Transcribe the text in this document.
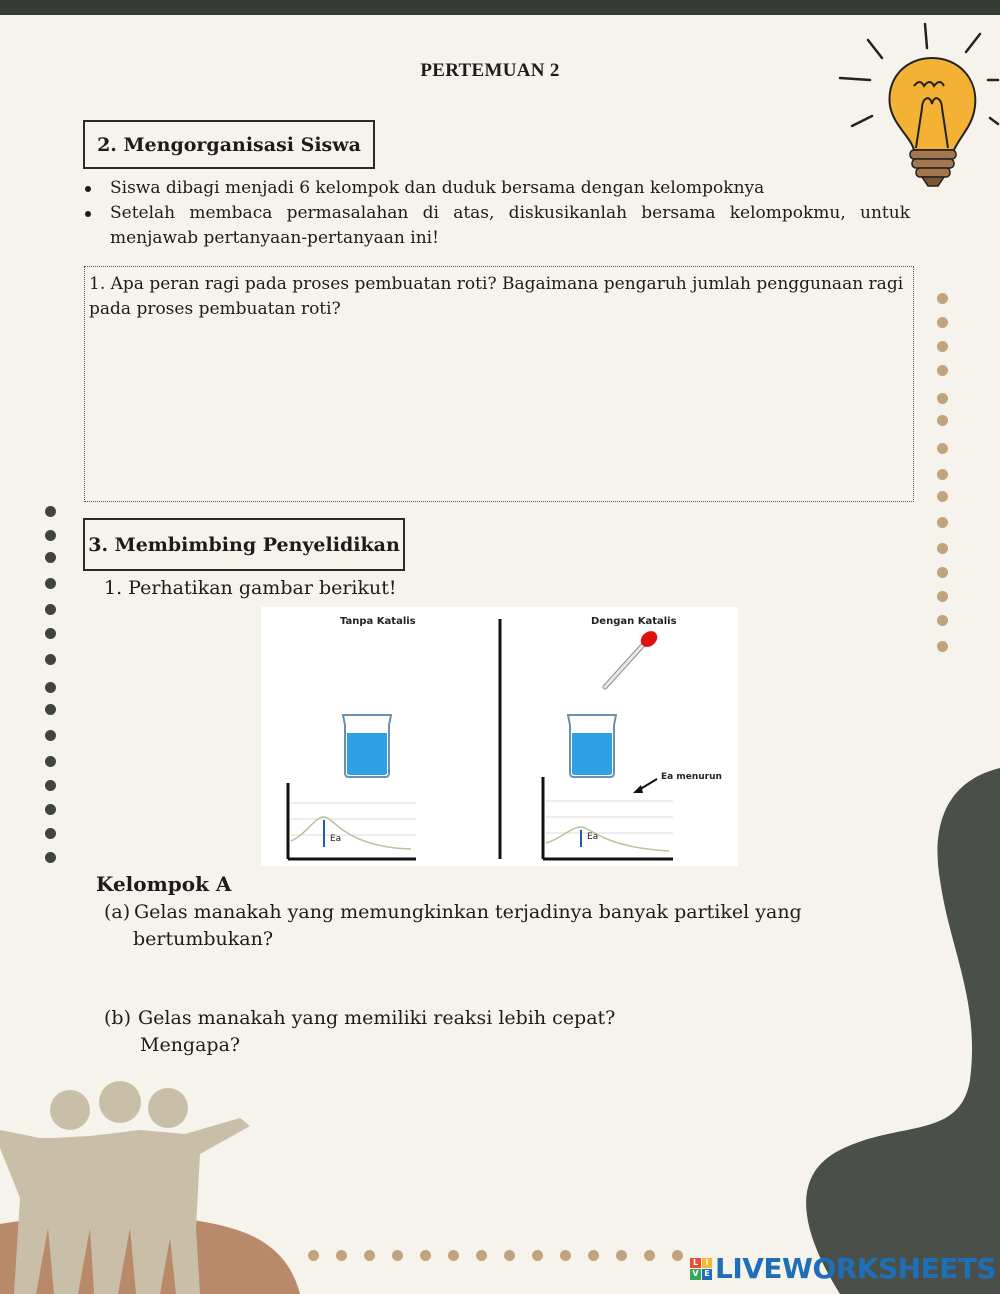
PERTEMUAN 2
2. Mengorganisasi Siswa
Siswa dibagi menjadi 6 kelompok dan duduk bersama dengan kelompoknya
Setelah membaca permasalahan di atas, diskusikanlah bersama kelompokmu, untuk menjawab pertanyaan-pertanyaan ini!
1. Apa peran ragi pada proses pembuatan roti? Bagaimana pengaruh jumlah penggunaan ragi pada proses pembuatan roti?
3. Membimbing Penyelidikan
1. Perhatikan gambar berikut!
Tanpa Katalis	Dengan Katalis
Ea	Ea
Ea menurun
Kelompok A
(a) Gelas manakah yang memungkinkan terjadinya banyak partikel yang
bertumbukan?
(b) Gelas manakah yang memiliki reaksi lebih cepat?
Mengapa?
L I
V E LIVEWORKSHEETS
